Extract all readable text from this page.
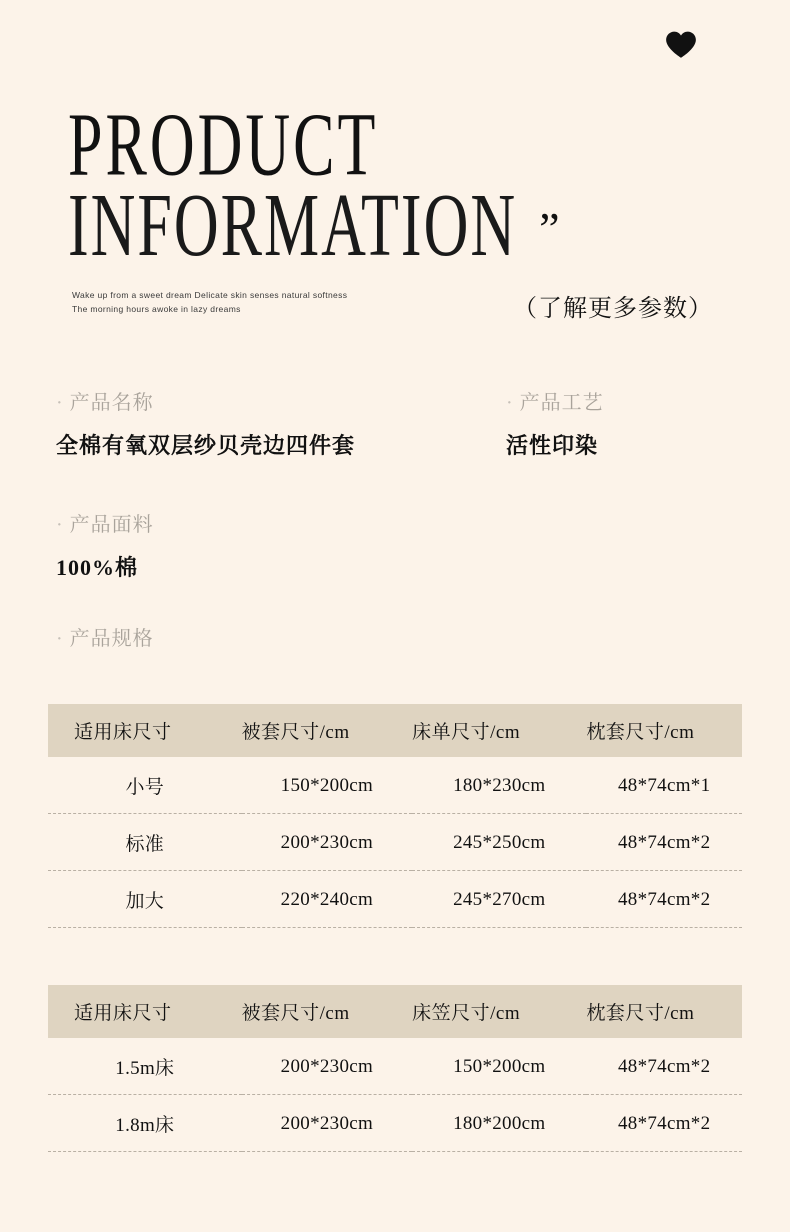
PRODUCT
INFORMATION ”
Wake up from a sweet dream Delicate skin senses natural softness
The morning hours awoke in lazy dreams	（了解更多参数）
· 产品名称
全棉有氧双层纱贝壳边四件套
· 产品工艺
活性印染
· 产品面料
100%棉
· 产品规格
适用床尺寸	被套尺寸/cm	床单尺寸/cm	枕套尺寸/cm
小号	150*200cm	180*230cm	48*74cm*1
标准	200*230cm	245*250cm	48*74cm*2
加大	220*240cm	245*270cm	48*74cm*2
适用床尺寸	被套尺寸/cm	床笠尺寸/cm	枕套尺寸/cm
1.5m床	200*230cm	150*200cm	48*74cm*2
1.8m床	200*230cm	180*200cm	48*74cm*2
